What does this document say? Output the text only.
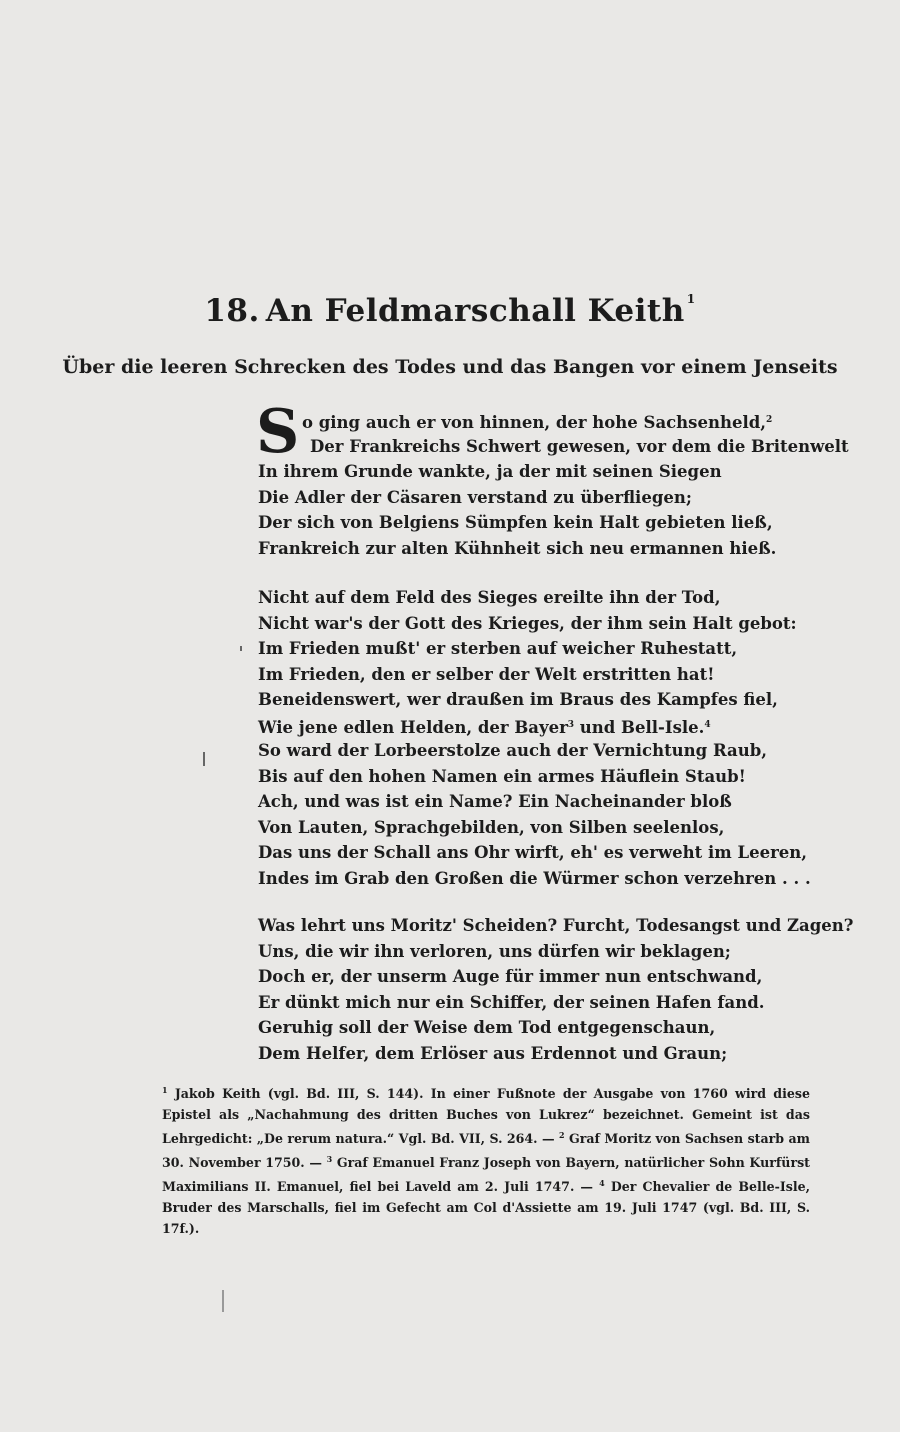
18. An Feldmarschall Keith $^1$
Über die leeren Schrecken des Todes und das Bangen vor einem Jenseits
S o ging auch er von hinnen, der hohe Sachsenheld,$^2$
Der Frankreichs Schwert gewesen, vor dem die Britenwelt
In ihrem Grunde wankte, ja der mit seinen Siegen
Die Adler der Cäsaren verstand zu überfliegen;
Der sich von Belgiens Sümpfen kein Halt gebieten ließ,
Frankreich zur alten Kühnheit sich neu ermannen hieß.
Nicht auf dem Feld des Sieges ereilte ihn der Tod,
Nicht war's der Gott des Krieges, der ihm sein Halt gebot:
Im Frieden mußt' er sterben auf weicher Ruhestatt,
Im Frieden, den er selber der Welt erstritten hat!
Beneidenswert, wer draußen im Braus des Kampfes fiel,
Wie jene edlen Helden, der Bayer$^3$ und Bell-Isle.$^4$
So ward der Lorbeerstolze auch der Vernichtung Raub,
Bis auf den hohen Namen ein armes Häuflein Staub!
Ach, und was ist ein Name? Ein Nacheinander bloß
Von Lauten, Sprachgebilden, von Silben seelenlos,
Das uns der Schall ans Ohr wirft, eh' es verweht im Leeren,
Indes im Grab den Großen die Würmer schon verzehren . . .
Was lehrt uns Moritz' Scheiden? Furcht, Todesangst und Zagen?
Uns, die wir ihn verloren, uns dürfen wir beklagen;
Doch er, der unserm Auge für immer nun entschwand,
Er dünkt mich nur ein Schiffer, der seinen Hafen fand.
Geruhig soll der Weise dem Tod entgegenschaun,
Dem Helfer, dem Erlöser aus Erdennot und Graun;
$^1$ Jakob Keith (vgl. Bd. III, S. 144). In einer Fußnote der Ausgabe von 1760 wird diese Epistel als „Nachahmung des dritten Buches von Lukrez“ bezeichnet. Gemeint ist das Lehrgedicht: „De rerum natura.“ Vgl. Bd. VII, S. 264. — $^2$ Graf Moritz von Sachsen starb am 30. November 1750. — $^3$ Graf Emanuel Franz Joseph von Bayern, natürlicher Sohn Kurfürst Maximilians II. Emanuel, fiel bei Laveld am 2. Juli 1747. — $^4$ Der Chevalier de Belle-Isle, Bruder des Marschalls, fiel im Gefecht am Col d'Assiette am 19. Juli 1747 (vgl. Bd. III, S. 17f.).
